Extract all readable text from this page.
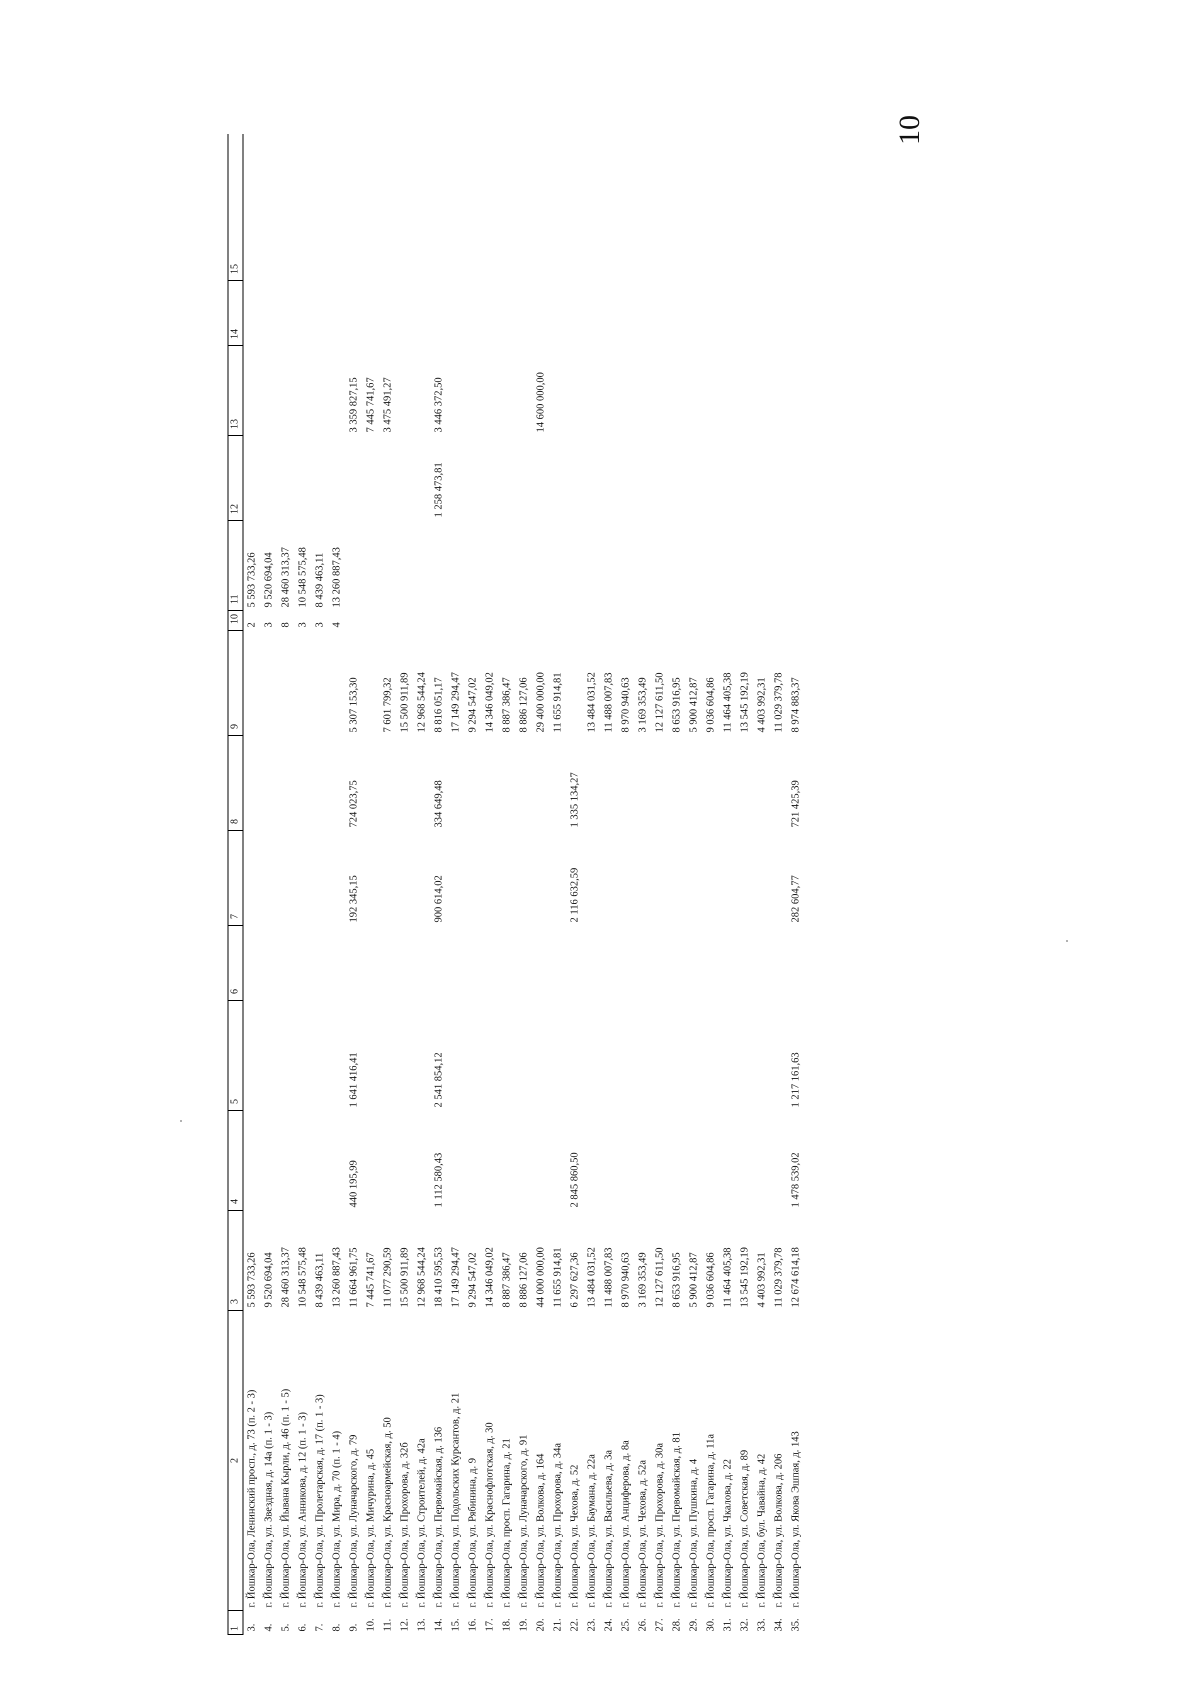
10
1	2	3	4	5	6	7	8	9	10	11	12	13	14	15
3.	г. Йошкар-Ола, Ленинский просп., д. 73 (п. 2 - 3)	5 593 733,26							2	5 593 733,26				
4.	г. Йошкар-Ола, ул. Звездная, д. 14а (п. 1 - 3)	9 520 694,04							3	9 520 694,04				
5.	г. Йошкар-Ола, ул. Йывана Кырли, д. 46 (п. 1 - 5)	28 460 313,37							8	28 460 313,37				
6.	г. Йошкар-Ола, ул. Анникова, д. 12 (п. 1 - 3)	10 548 575,48							3	10 548 575,48				
7.	г. Йошкар-Ола, ул. Пролетарская, д. 17 (п. 1 - 3)	8 439 463,11							3	8 439 463,11				
8.	г. Йошкар-Ола, ул. Мира, д. 70 (п. 1 - 4)	13 260 887,43							4	13 260 887,43				
9.	г. Йошкар-Ола, ул. Луначарского, д. 79	11 664 961,75	440 195,99	1 641 416,41		192 345,15	724 023,75	5 307 153,30				3 359 827,15		
10.	г. Йошкар-Ола, ул. Мичурина, д. 45	7 445 741,67										7 445 741,67		
11.	г. Йошкар-Ола, ул. Красноармейская, д. 50	11 077 290,59						7 601 799,32				3 475 491,27		
12.	г. Йошкар-Ола, ул. Прохорова, д. 32б	15 500 911,89						15 500 911,89						
13.	г. Йошкар-Ола, ул. Строителей, д. 42а	12 968 544,24						12 968 544,24						
14.	г. Йошкар-Ола, ул. Первомайская, д. 136	18 410 595,53	1 112 580,43	2 541 854,12		900 614,02	334 649,48	8 816 051,17			1 258 473,81	3 446 372,50		
15.	г. Йошкар-Ола, ул. Подольских Курсантов, д. 21	17 149 294,47						17 149 294,47						
16.	г. Йошкар-Ола, ул. Рябинина, д. 9	9 294 547,02						9 294 547,02						
17.	г. Йошкар-Ола, ул. Краснофлотская, д. 30	14 346 049,02						14 346 049,02						
18.	г. Йошкар-Ола, просп. Гагарина, д. 21	8 887 386,47						8 887 386,47						
19.	г. Йошкар-Ола, ул. Луначарского, д. 91	8 886 127,06						8 886 127,06						
20.	г. Йошкар-Ола, ул. Волкова, д. 164	44 000 000,00						29 400 000,00				14 600 000,00		
21.	г. Йошкар-Ола, ул. Прохорова, д. 34а	11 655 914,81						11 655 914,81						
22.	г. Йошкар-Ола, ул. Чехова, д. 52	6 297 627,36	2 845 860,50			2 116 632,59	1 335 134,27							
23.	г. Йошкар-Ола, ул. Баумана, д. 22а	13 484 031,52						13 484 031,52						
24.	г. Йошкар-Ола, ул. Васильева, д. 3а	11 488 007,83						11 488 007,83						
25.	г. Йошкар-Ола, ул. Анциферова, д. 8а	8 970 940,63						8 970 940,63						
26.	г. Йошкар-Ола, ул. Чехова, д. 52а	3 169 353,49						3 169 353,49						
27.	г. Йошкар-Ола, ул. Прохорова, д. 30а	12 127 611,50						12 127 611,50						
28.	г. Йошкар-Ола, ул. Первомайская, д. 81	8 653 916,95						8 653 916,95						
29.	г. Йошкар-Ола, ул. Пушкина, д. 4	5 900 412,87						5 900 412,87						
30.	г. Йошкар-Ола, просп. Гагарина, д. 11а	9 036 604,86						9 036 604,86						
31.	г. Йошкар-Ола, ул. Чкалова, д. 22	11 464 405,38						11 464 405,38						
32.	г. Йошкар-Ола, ул. Советская, д. 89	13 545 192,19						13 545 192,19						
33.	г. Йошкар-Ола, бул. Чавайна, д. 42	4 403 992,31						4 403 992,31						
34.	г. Йошкар-Ола, ул. Волкова, д. 206	11 029 379,78						11 029 379,78						
35.	г. Йошкар-Ола, ул. Якова Эшпая, д. 143	12 674 614,18	1 478 539,02	1 217 161,63		282 604,77	721 425,39	8 974 883,37						
